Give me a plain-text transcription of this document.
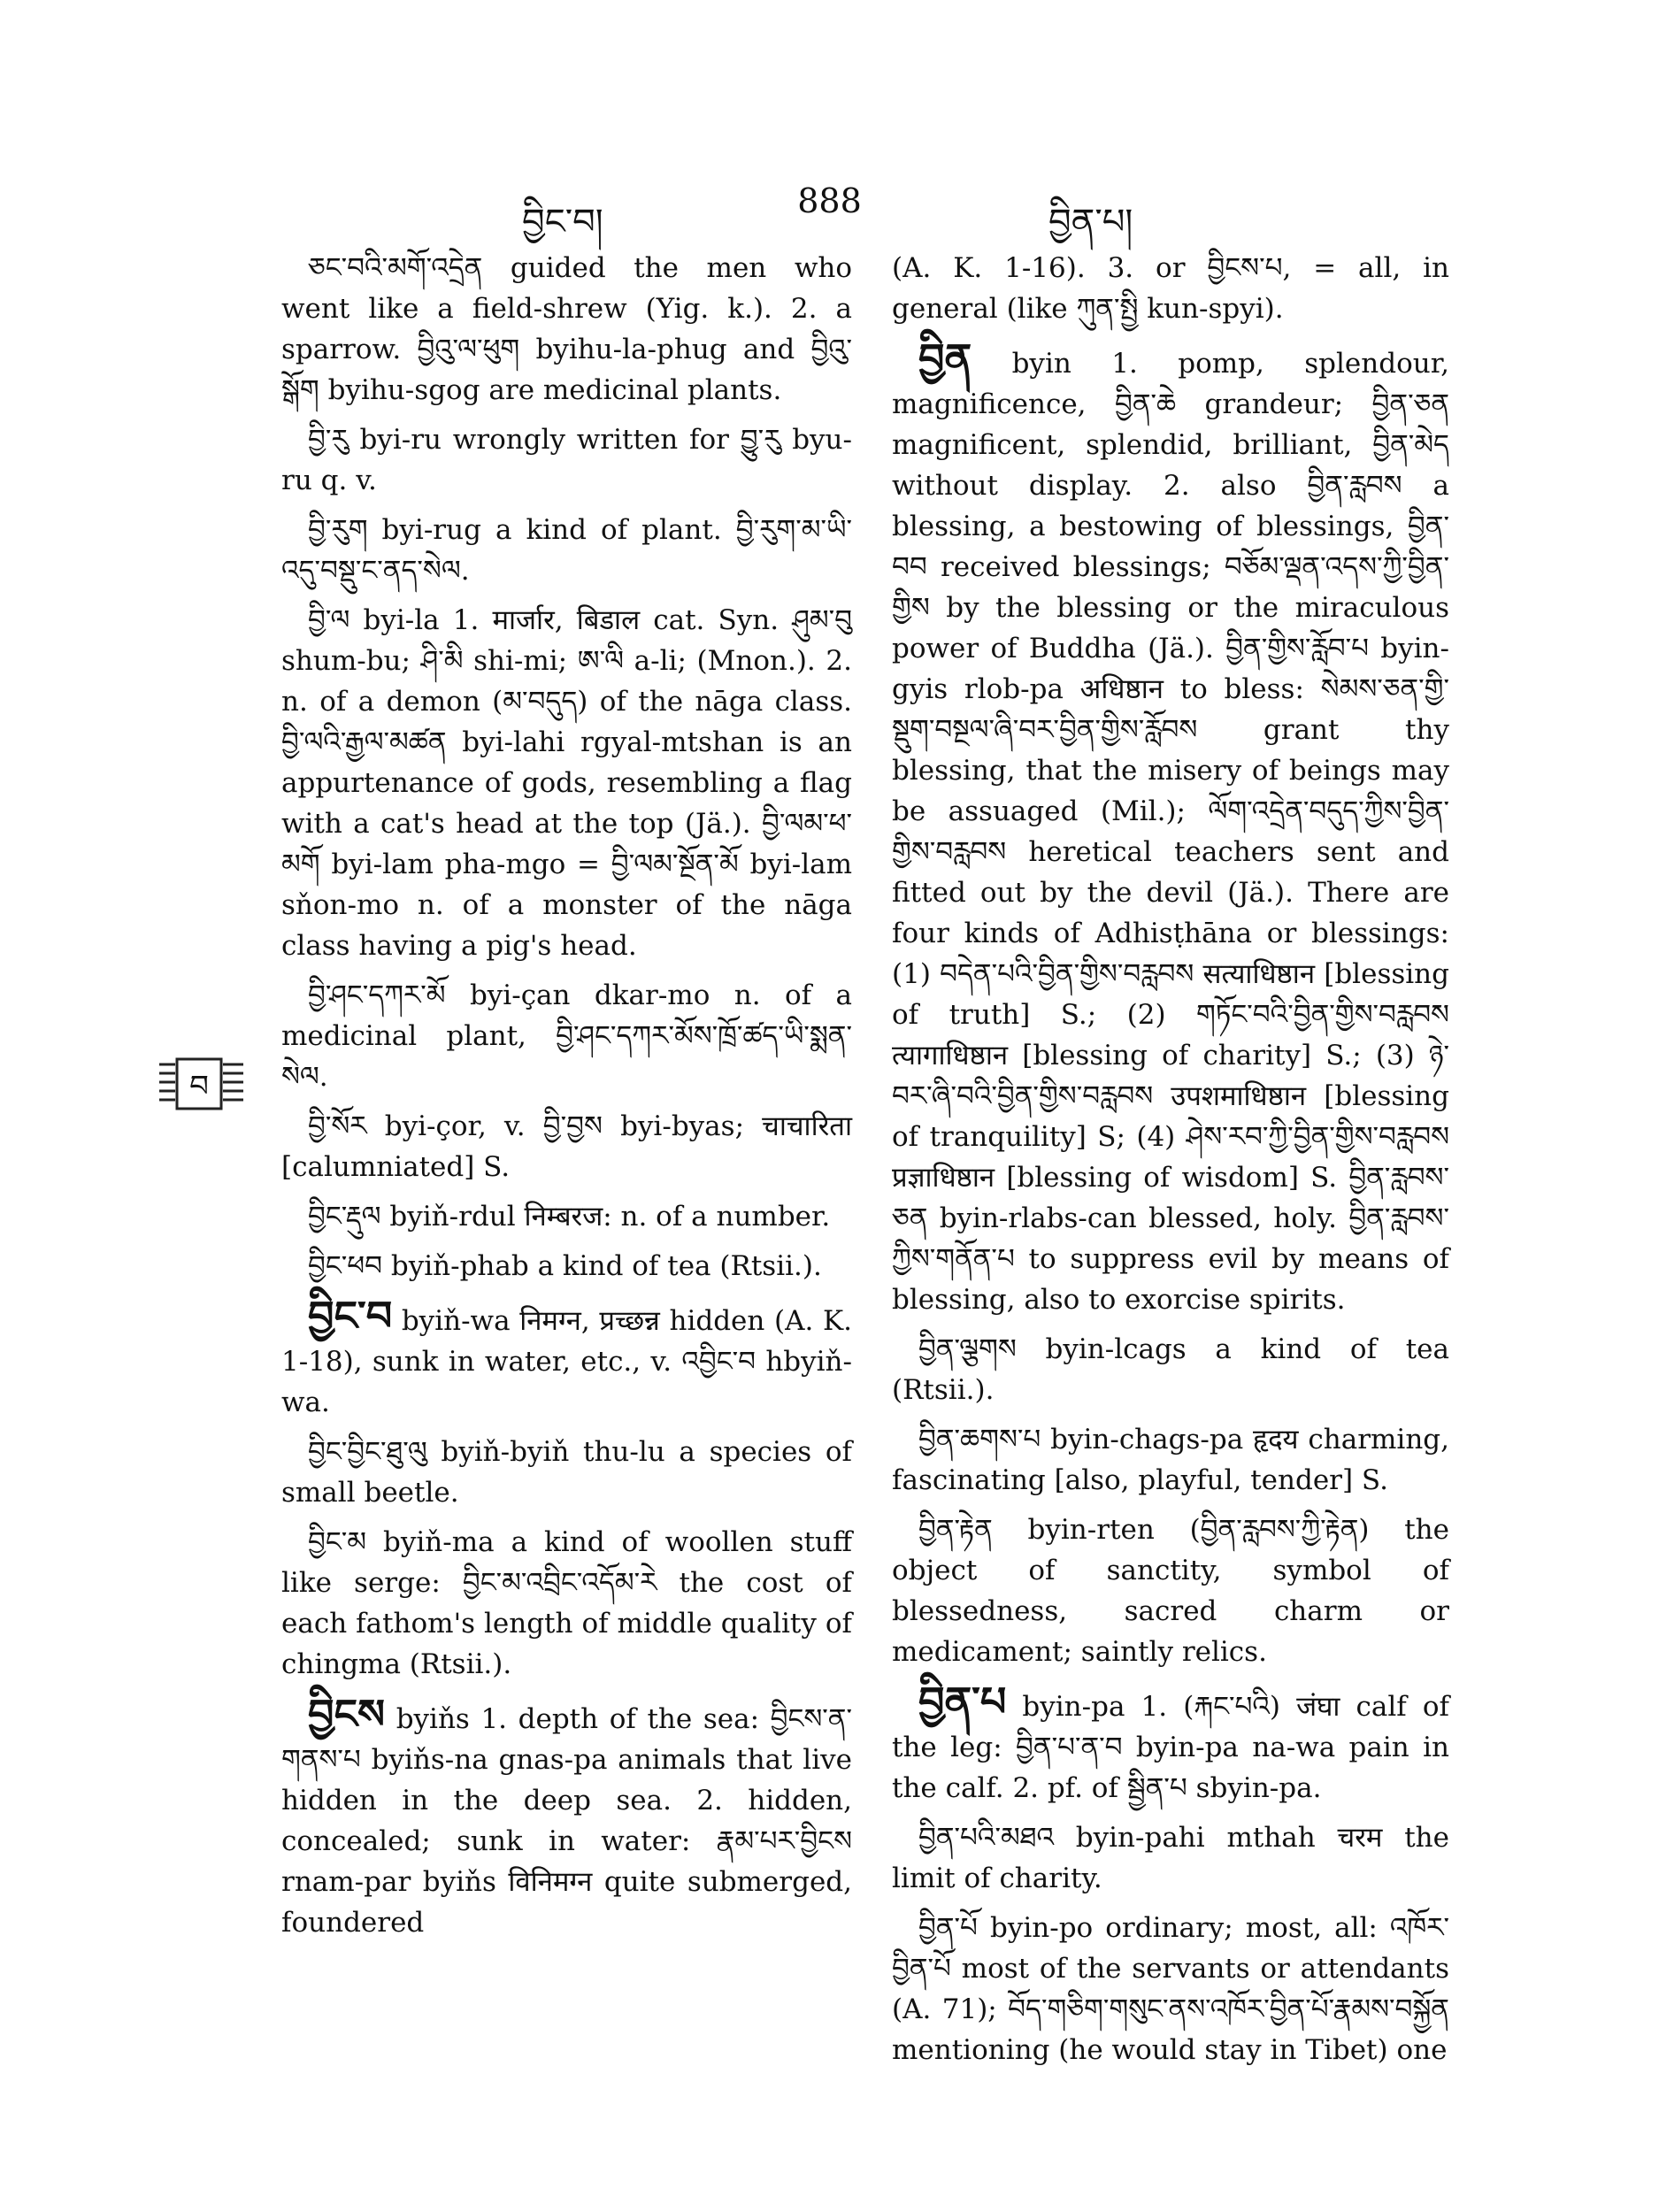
བྱིང་བ།
888
བྱིན་པ།
བ

ཅང་བའི་མགོ་འདྲེན guided the men who went like a field-shrew (Yig. k.). 2. a sparrow. བྱིའུ་ལ་ཕུག byihu-la-phug and བྱིའུ་སྒོག byihu-sgog are medicinal plants.

བྱི་རུ byi-ru wrongly written for བྱུ་རུ byu-ru q. v.

བྱི་རུག byi-rug a kind of plant. བྱི་རུག་མ་ཡི་ འདུ་བསྡུ་ང་ནད་སེལ.

བྱི་ལ byi-la 1. मार्जार, बिडाल cat. Syn. ཤུམ་བུ shum-bu; ཤི་མི shi-mi; ཨ་ལི a-li; (Mnon.). 2. n. of a demon (མ་བདུད) of the nāga class. བྱི་ལའི་རྒྱལ་མཚན byi-lahi rgyal-mtshan is an appurtenance of gods, resembling a flag with a cat's head at the top (Jä.). བྱི་ལམ་ཕ་མགོ byi-lam pha-mgo = བྱི་ལམ་སྔོན་མོ byi-lam sňon-mo n. of a monster of the nāga class having a pig's head.

བྱི་ཤང་དཀར་མོ byi-çan dkar-mo n. of a medicinal plant, བྱི་ཤང་དཀར་མོས་ཁྲོ་ཚད་ཡི་སྨན་སེལ.

བྱི་སོར byi-çor, v. བྱི་བྱས byi-byas; चाचारिता [calumniated] S.

བྱིང་རྡུལ byiň-rdul निम्बरज: n. of a number.

བྱིང་ཕབ byiň-phab a kind of tea (Rtsii.).

བྱིང་བ byiň-wa निमग्न, प्रच्छन्न hidden (A. K. 1-18), sunk in water, etc., v. འབྱིང་བ hbyiň-wa.

བྱིང་བྱིང་ཐུ་ལུ byiň-byiň thu-lu a species of small beetle.

བྱིང་མ byiň-ma a kind of woollen stuff like serge: བྱིང་མ་འབྲིང་འདོམ་རེ the cost of each fathom's length of middle quality of chingma (Rtsii.).

བྱིངས byiňs 1. depth of the sea: བྱིངས་ན་གནས་པ byiňs-na gnas-pa animals that live hidden in the deep sea. 2. hidden, concealed; sunk in water: རྣམ་པར་བྱིངས rnam-par byiňs विनिमग्न quite submerged, foundered

(A. K. 1-16). 3. or བྱིངས་པ, = all, in general (like ཀུན་སྤྱི kun-spyi).

བྱིན byin 1. pomp, splendour, magnificence, བྱིན་ཆེ grandeur; བྱིན་ཅན magnificent, splendid, brilliant, བྱིན་མེད without display. 2. also བྱིན་རླབས a blessing, a bestowing of blessings, བྱིན་བབ received blessings; བཅོམ་ལྡན་འདས་ཀྱི་བྱིན་གྱིས by the blessing or the miraculous power of Buddha (Jä.). བྱིན་གྱིས་རློབ་པ byin-gyis rlob-pa अधिष्ठान to bless: སེམས་ཅན་གྱི་སྡུག་བསྔལ་ཞི་བར་བྱིན་གྱིས་རློབས grant thy blessing, that the misery of beings may be assuaged (Mil.); ལོག་འདྲེན་བདུད་ཀྱིས་བྱིན་གྱིས་བརླབས heretical teachers sent and fitted out by the devil (Jä.). There are four kinds of Adhisṭhāna or blessings: (1) བདེན་པའི་བྱིན་གྱིས་བརླབས सत्याधिष्ठान [blessing of truth] S.; (2) གཏོང་བའི་བྱིན་གྱིས་བརླབས त्यागाधिष्ठान [blessing of charity] S.; (3) ཉེ་བར་ཞི་བའི་བྱིན་གྱིས་བརླབས उपशमाधिष्ठान [blessing of tranquility] S; (4) ཤེས་རབ་ཀྱི་བྱིན་གྱིས་བརླབས प्रज्ञाधिष्ठान [blessing of wisdom] S. བྱིན་རླབས་ཅན byin-rlabs-can blessed, holy. བྱིན་རླབས་ཀྱིས་གནོན་པ to suppress evil by means of blessing, also to exorcise spirits.

བྱིན་ལྕགས byin-lcags a kind of tea (Rtsii.).

བྱིན་ཆགས་པ byin-chags-pa हृदय charming, fascinating [also, playful, tender] S.

བྱིན་རྟེན byin-rten (བྱིན་རླབས་ཀྱི་རྟེན) the object of sanctity, symbol of blessedness, sacred charm or medicament; saintly relics.

བྱིན་པ byin-pa 1. (རྐང་པའི) जंघा calf of the leg: བྱིན་པ་ན་བ byin-pa na-wa pain in the calf. 2. pf. of སྦྱིན་པ sbyin-pa.

བྱིན་པའི་མཐའ byin-pahi mthah चरम the limit of charity.

བྱིན་པོ byin-po ordinary; most, all: འཁོར་བྱིན་པོ most of the servants or attendants (A. 71); བོད་གཅིག་གསུང་ནས་འཁོར་བྱིན་པོ་རྣམས་བསྐྱོན mentioning (he would stay in Tibet) one
